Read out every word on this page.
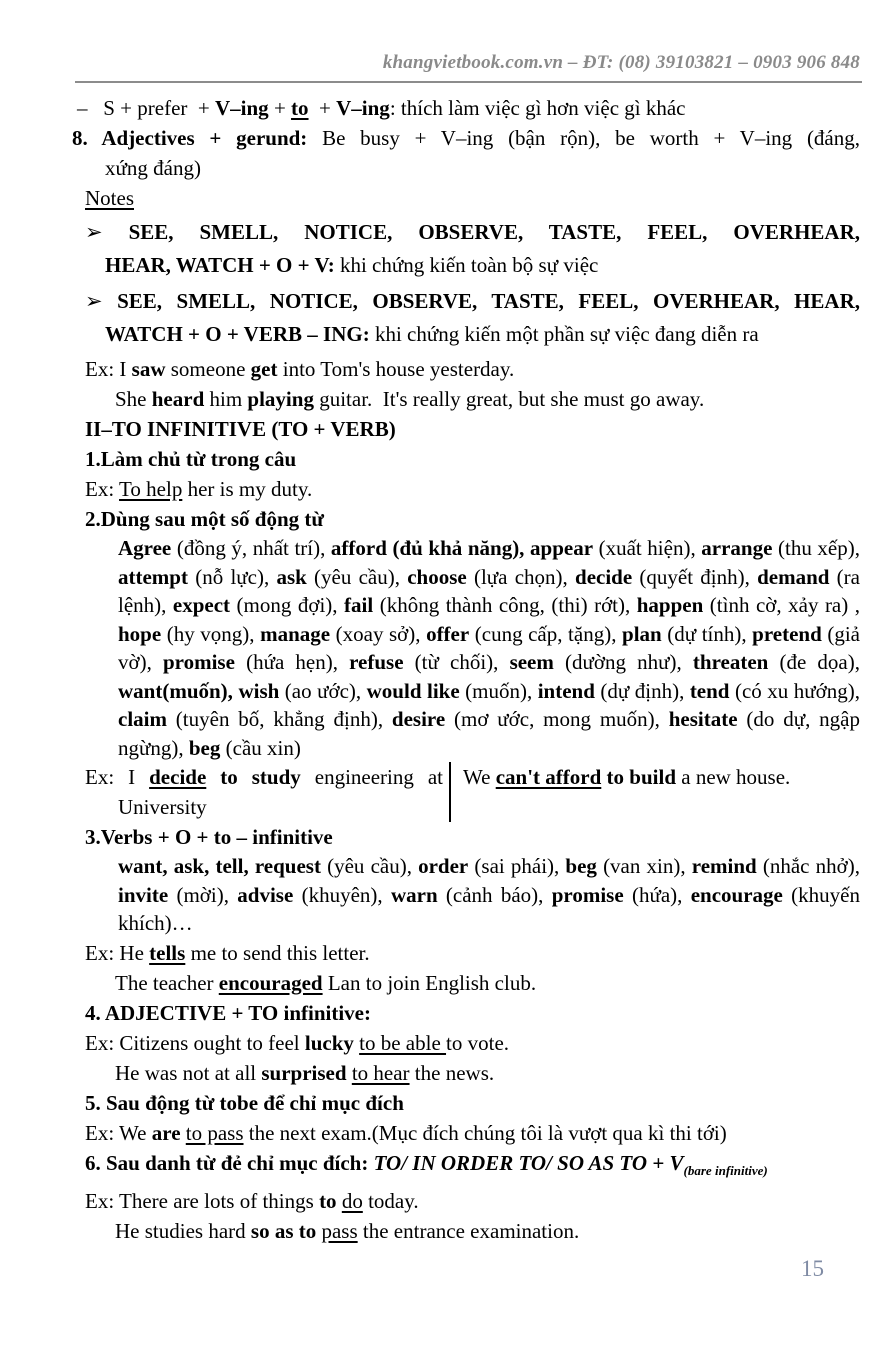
khangvietbook.com.vn – ĐT: (08) 39103821 – 0903 906 848
–   S + prefer  + V–ing + to  + V–ing: thích làm việc gì hơn việc gì khác
8. Adjectives + gerund: Be busy + V–ing (bận rộn), be worth + V–ing (đáng,
xứng đáng)
Notes
➢ SEE, SMELL, NOTICE, OBSERVE, TASTE, FEEL, OVERHEAR,
HEAR, WATCH + O + V: khi chứng kiến toàn bộ sự việc
➢ SEE, SMELL, NOTICE, OBSERVE, TASTE, FEEL, OVERHEAR, HEAR,
WATCH + O + VERB – ING: khi chứng kiến một phần sự việc đang diễn ra
Ex: I saw someone get into Tom's house yesterday.
She heard him playing guitar.  It's really great, but she must go away.
II–TO INFINITIVE (TO + VERB)
1.Làm chủ từ trong câu
Ex: To help her is my duty.
2.Dùng sau một số động từ
Agree (đồng ý, nhất trí), afford (đủ khả năng), appear (xuất hiện), arrange (thu xếp), attempt (nỗ lực), ask (yêu cầu), choose (lựa chọn), decide (quyết định), demand (ra lệnh), expect (mong đợi), fail (không thành công, (thi) rớt), happen (tình cờ, xảy ra) , hope (hy vọng), manage (xoay sở), offer (cung cấp, tặng), plan (dự tính), pretend (giả vờ), promise (hứa hẹn), refuse (từ chối), seem (dường như), threaten (đe dọa), want(muốn), wish (ao ước), would like (muốn), intend (dự định), tend (có xu hướng), claim (tuyên bố, khẳng định), desire (mơ ước, mong muốn), hesitate (do dự, ngập ngừng), beg (cầu xin)
Ex: I decide to study engineering at
University
We can't afford to build a new house.
3.Verbs + O + to – infinitive
want, ask, tell, request (yêu cầu), order (sai phái), beg (van xin), remind (nhắc nhở), invite (mời), advise (khuyên), warn (cảnh báo), promise (hứa), encourage (khuyến khích)…
Ex: He tells me to send this letter.
The teacher encouraged Lan to join English club.
4. ADJECTIVE + TO infinitive:
Ex: Citizens ought to feel lucky to be able to vote.
He was not at all surprised to hear the news.
5. Sau động từ tobe để chỉ mục đích
Ex: We are to pass the next exam.(Mục đích chúng tôi là vượt qua kì thi tới)
6. Sau danh từ đẻ chỉ mục đích: TO/ IN ORDER TO/ SO AS TO + $V_{(bare infinitive)}$
Ex: There are lots of things to do today.
He studies hard so as to pass the entrance examination.
15
